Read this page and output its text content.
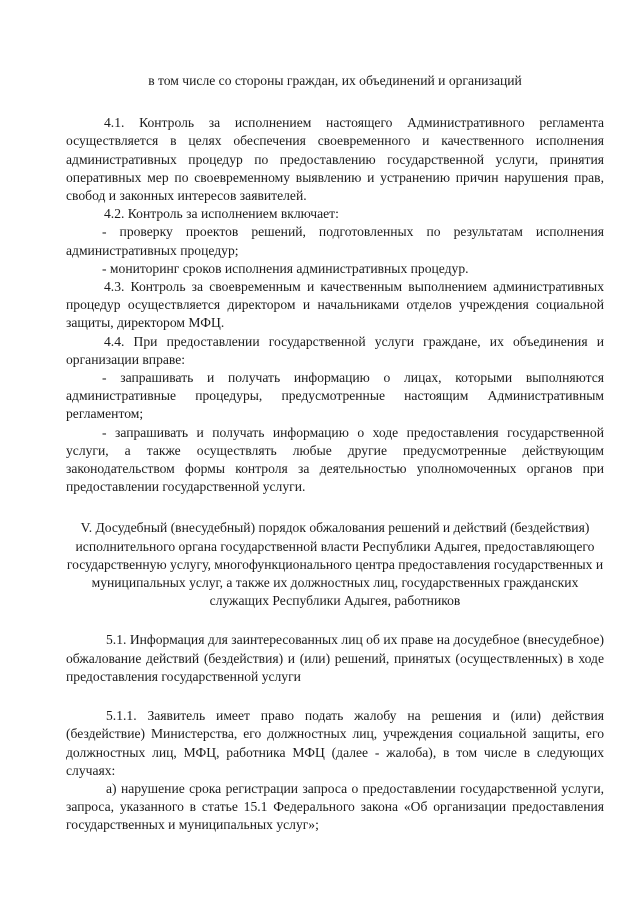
в том числе со стороны граждан, их объединений и организаций

4.1. Контроль за исполнением настоящего Административного регламента осуществляется в целях обеспечения своевременного и качественного исполнения административных процедур по предоставлению государственной услуги, принятия оперативных мер по своевременному выявлению и устранению причин нарушения прав, свобод и законных интересов заявителей.

4.2. Контроль за исполнением включает:

- проверку проектов решений, подготовленных по результатам исполнения административных процедур;

- мониторинг сроков исполнения административных процедур.

4.3. Контроль за своевременным и качественным выполнением административных процедур осуществляется директором и начальниками отделов учреждения социальной защиты, директором МФЦ.

4.4. При предоставлении государственной услуги граждане, их объединения и организации вправе:

- запрашивать и получать информацию о лицах, которыми выполняются административные процедуры, предусмотренные настоящим Административным регламентом;

- запрашивать и получать информацию о ходе предоставления государственной услуги, а также осуществлять любые другие предусмотренные действующим законодательством формы контроля за деятельностью уполномоченных органов при предоставлении государственной услуги.

V. Досудебный (внесудебный) порядок обжалования решений и действий (бездействия) исполнительного органа государственной власти Республики Адыгея, предоставляющего государственную услугу, многофункционального центра предоставления государственных и муниципальных услуг, а также их должностных лиц, государственных гражданских служащих Республики Адыгея, работников

5.1. Информация для заинтересованных лиц об их праве на досудебное (внесудебное) обжалование действий (бездействия) и (или) решений, принятых (осуществленных) в ходе предоставления государственной услуги

5.1.1. Заявитель имеет право подать жалобу на решения и (или) действия (бездействие) Министерства, его должностных лиц, учреждения социальной защиты, его должностных лиц, МФЦ, работника МФЦ (далее - жалоба), в том числе в следующих случаях:

а) нарушение срока регистрации запроса о предоставлении государственной услуги, запроса, указанного в статье 15.1 Федерального закона «Об организации предоставления государственных и муниципальных услуг»;
